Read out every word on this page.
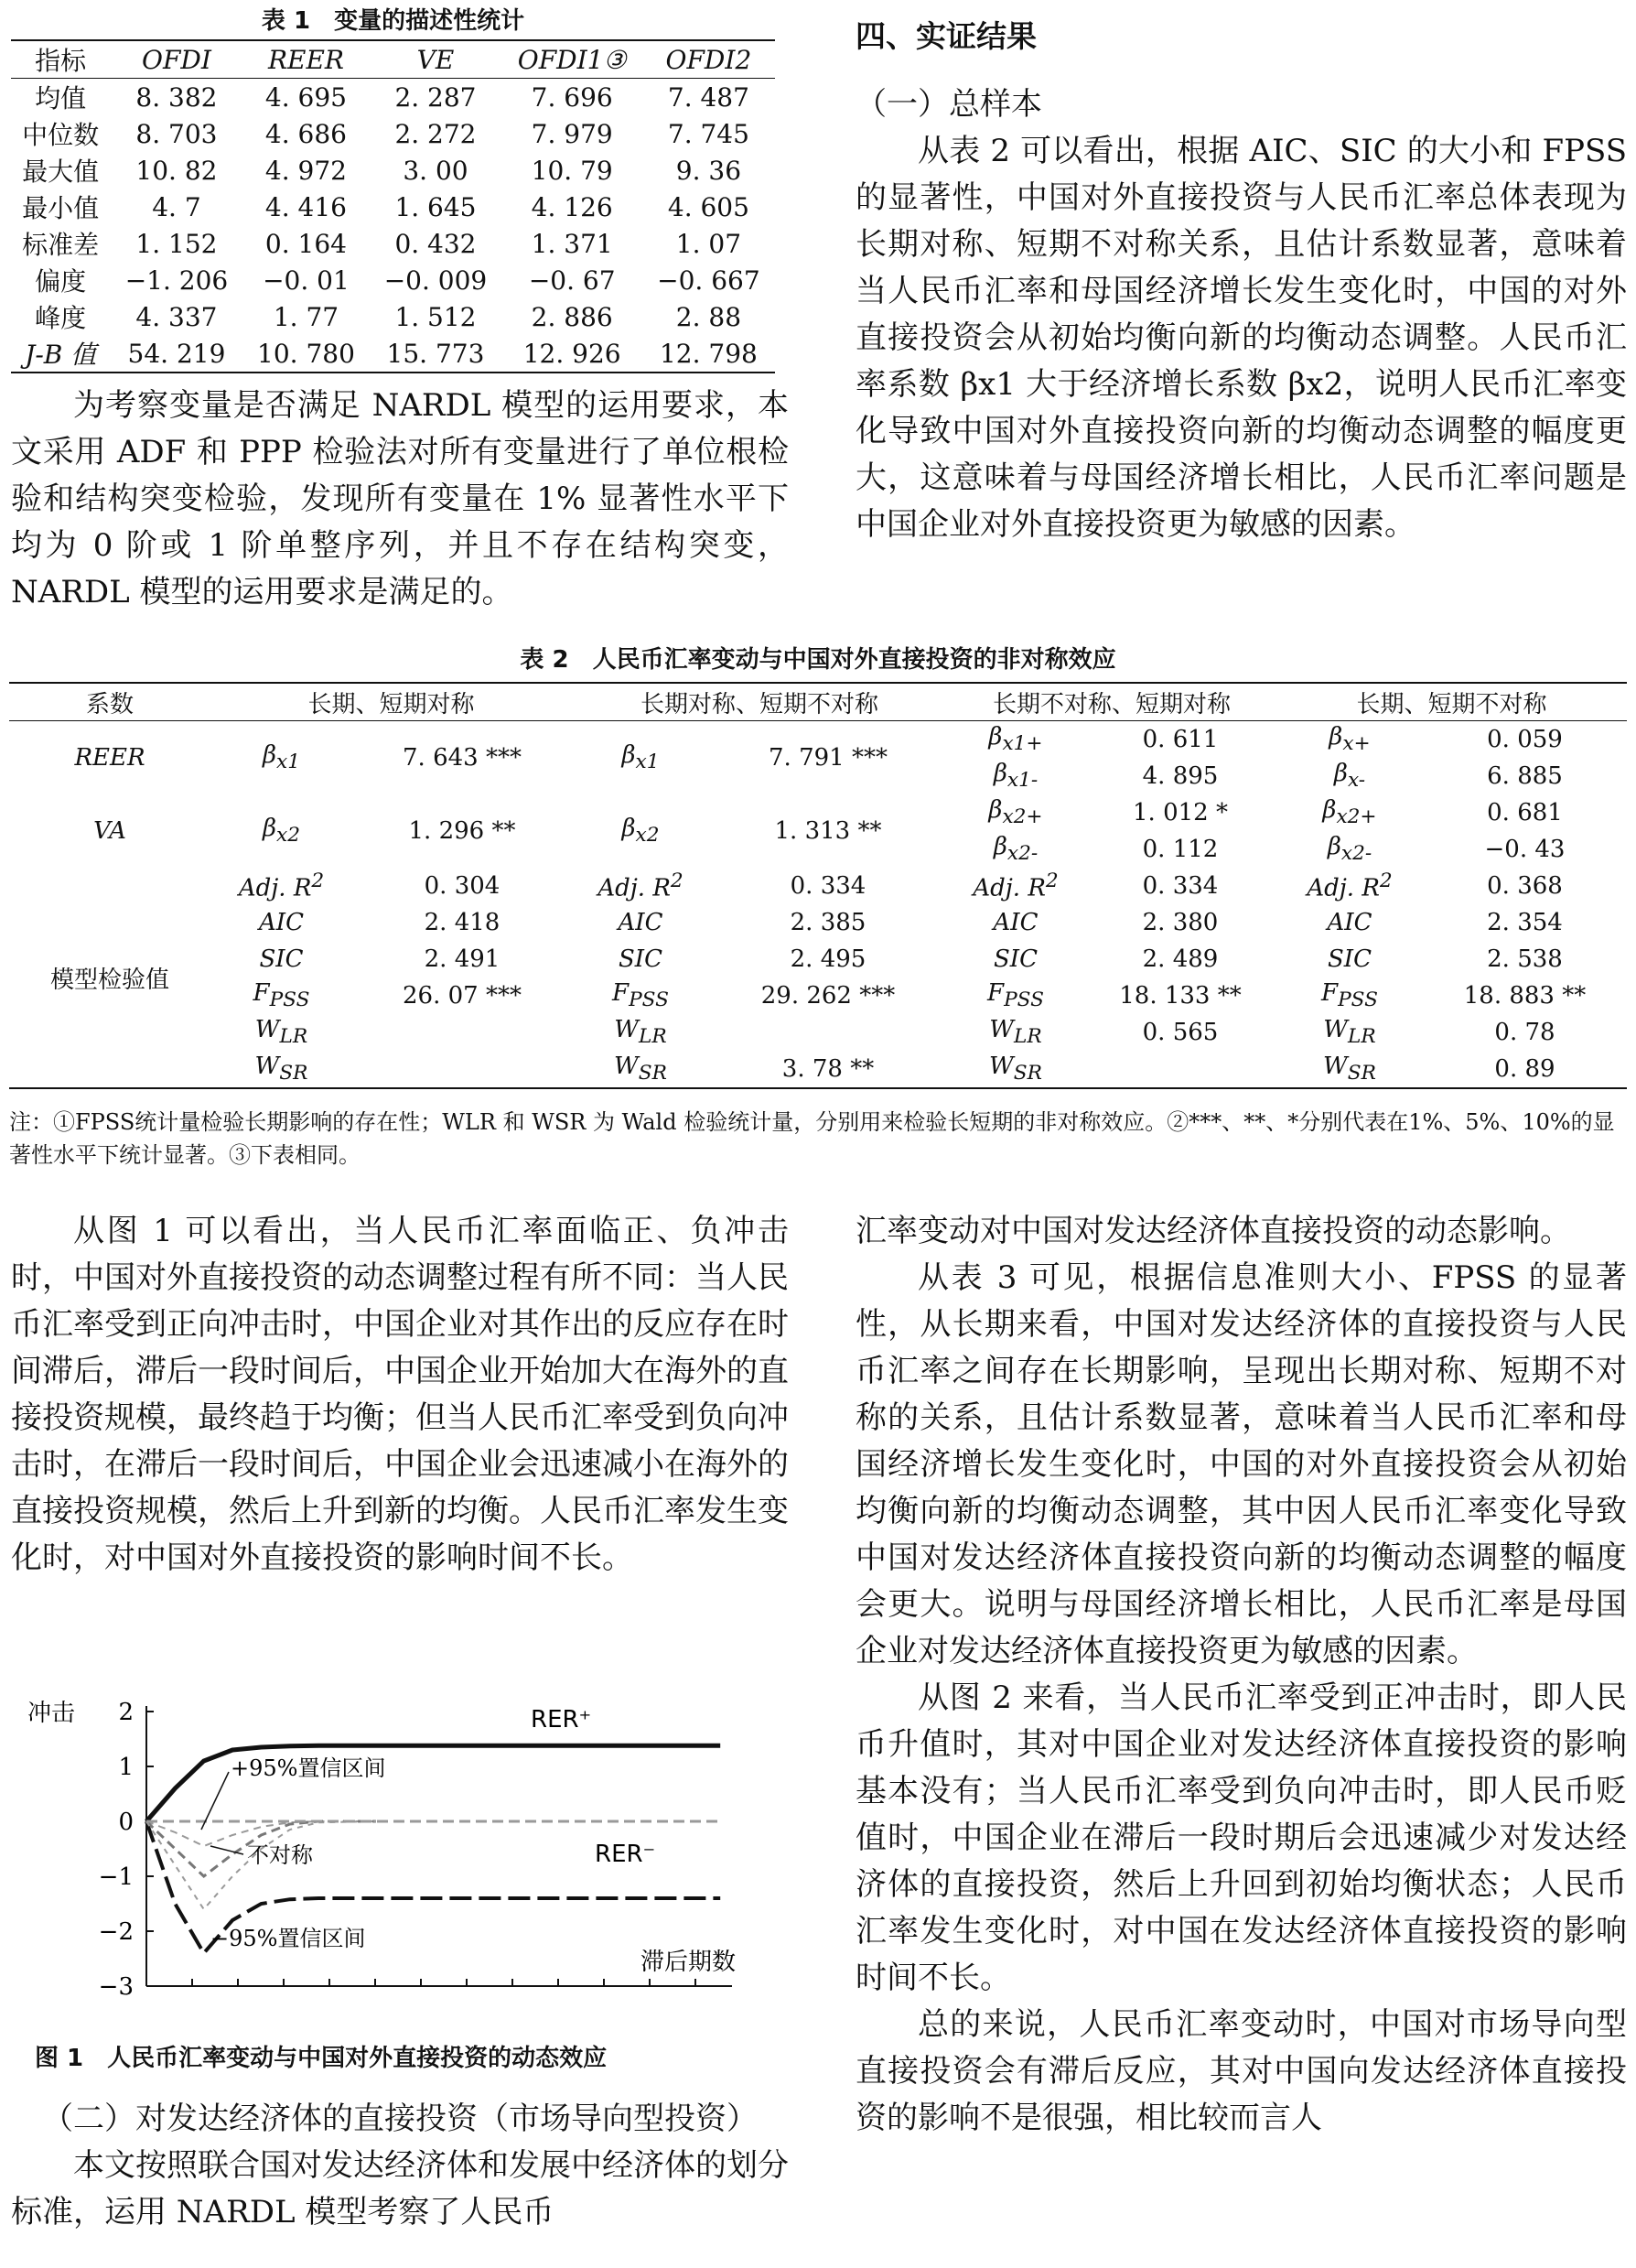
表 1　变量的描述性统计
指标	OFDI	REER	VE	OFDI1③	OFDI2
均值	8. 382	4. 695	2. 287	7. 696	7. 487
中位数	8. 703	4. 686	2. 272	7. 979	7. 745
最大值	10. 82	4. 972	3. 00	10. 79	9. 36
最小值	4. 7	4. 416	1. 645	4. 126	4. 605
标准差	1. 152	0. 164	0. 432	1. 371	1. 07
偏度	−1. 206	−0. 01	−0. 009	−0. 67	−0. 667
峰度	4. 337	1. 77	1. 512	2. 886	2. 88
J-B 值	54. 219	10. 780	15. 773	12. 926	12. 798

为考察变量是否满足 NARDL 模型的运用要求，本文采用 ADF 和 PPP 检验法对所有变量进行了单位根检验和结构突变检验，发现所有变量在 1% 显著性水平下均为 0 阶或 1 阶单整序列，并且不存在结构突变，NARDL 模型的运用要求是满足的。

四、实证结果
（一）总样本

从表 2 可以看出，根据 AIC、SIC 的大小和 FPSS 的显著性，中国对外直接投资与人民币汇率总体表现为长期对称、短期不对称关系，且估计系数显著，意味着当人民币汇率和母国经济增长发生变化时，中国的对外直接投资会从初始均衡向新的均衡动态调整。人民币汇率系数 βx1 大于经济增长系数 βx2，说明人民币汇率变化导致中国对外直接投资向新的均衡动态调整的幅度更大，这意味着与母国经济增长相比，人民币汇率问题是中国企业对外直接投资更为敏感的因素。

表 2　人民币汇率变动与中国对外直接投资的非对称效应
系数	长期、短期对称		长期对称、短期不对称		长期不对称、短期对称		长期、短期不对称	
REER	$\beta_{x1}$	7. 643 ***	$\beta_{x1}$	7. 791 ***	$\beta_{x1+}$	0. 611	$\beta_{x+}$	0. 059
					$\beta_{x1-}$	4. 895	$\beta_{x-}$	6. 885
VA	$\beta_{x2}$	1. 296 **	$\beta_{x2}$	1. 313 **	$\beta_{x2+}$	1. 012 *	$\beta_{x2+}$	0. 681
					$\beta_{x2-}$	0. 112	$\beta_{x2-}$	−0. 43
模型检验值	Adj. $R^2$	0. 304	Adj. $R^2$	0. 334	Adj. $R^2$	0. 334	Adj. $R^2$	0. 368
	AIC	2. 418	AIC	2. 385	AIC	2. 380	AIC	2. 354
	SIC	2. 491	SIC	2. 495	SIC	2. 489	SIC	2. 538
	$F_{PSS}$	26. 07 ***	$F_{PSS}$	29. 262 ***	$F_{PSS}$	18. 133 **	$F_{PSS}$	18. 883 **
	$W_{LR}$		$W_{LR}$		$W_{LR}$	0. 565	$W_{LR}$	0. 78
	$W_{SR}$		$W_{SR}$	3. 78 **	$W_{SR}$		$W_{SR}$	0. 89
注：①FPSS统计量检验长期影响的存在性；WLR 和 WSR 为 Wald 检验统计量，分别用来检验长短期的非对称效应。②***、**、*分别代表在1%、5%、10%的显著性水平下统计显著。③下表相同。

从图 1 可以看出，当人民币汇率面临正、负冲击时，中国对外直接投资的动态调整过程有所不同：当人民币汇率受到正向冲击时，中国企业对其作出的反应存在时间滞后，滞后一段时间后，中国企业开始加大在海外的直接投资规模，最终趋于均衡；但当人民币汇率受到负向冲击时，在滞后一段时间后，中国企业会迅速减小在海外的直接投资规模，然后上升到新的均衡。人民币汇率发生变化时，对中国对外直接投资的影响时间不长。

2
1
0
−1
−2
−3
冲击
滞后期数
RER⁺
RER⁻
+95%置信区间
不对称
−95%置信区间
图 1　人民币汇率变动与中国对外直接投资的动态效应
（二）对发达经济体的直接投资（市场导向型投资）

本文按照联合国对发达经济体和发展中经济体的划分标准，运用 NARDL 模型考察了人民币

汇率变动对中国对发达经济体直接投资的动态影响。

从表 3 可见，根据信息准则大小、FPSS 的显著性，从长期来看，中国对发达经济体的直接投资与人民币汇率之间存在长期影响，呈现出长期对称、短期不对称的关系，且估计系数显著，意味着当人民币汇率和母国经济增长发生变化时，中国的对外直接投资会从初始均衡向新的均衡动态调整，其中因人民币汇率变化导致中国对发达经济体直接投资向新的均衡动态调整的幅度会更大。说明与母国经济增长相比，人民币汇率是母国企业对发达经济体直接投资更为敏感的因素。

从图 2 来看，当人民币汇率受到正冲击时，即人民币升值时，其对中国企业对发达经济体直接投资的影响基本没有；当人民币汇率受到负向冲击时，即人民币贬值时，中国企业在滞后一段时期后会迅速减少对发达经济体的直接投资，然后上升回到初始均衡状态；人民币汇率发生变化时，对中国在发达经济体直接投资的影响时间不长。

总的来说，人民币汇率变动时，中国对市场导向型直接投资会有滞后反应，其对中国向发达经济体直接投资的影响不是很强，相比较而言人
